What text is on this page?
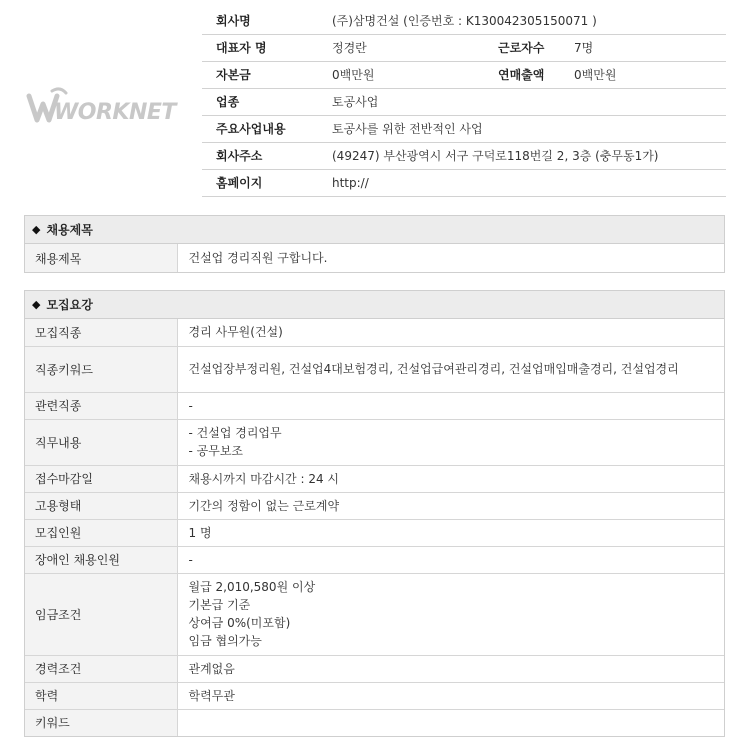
WORKNET
회사명	(주)삼명건설 (인증번호 : K130042305150071 )		
대표자 명	정경란	근로자수	7명
자본금	0백만원	연매출액	0백만원
업종	토공사업		
주요사업내용	토공사를 위한 전반적인 사업		
회사주소	(49247) 부산광역시 서구 구덕로118번길 2, 3층 (충무동1가)		
홈페이지	http://		
◆ 채용제목
채용제목	건설업 경리직원 구합니다.
◆ 모집요강
모집직종	경리 사무원(건설)

직종키워드	건설업장부정리원, 건설업4대보험경리, 건설업급여관리경리, 건설업매입매출경리, 건설업경리

관련직종	-

직무내용	- 건설업 경리업무
- 공무보조

접수마감일	채용시까지 마감시간 : 24 시

고용형태	기간의 정함이 없는 근로계약

모집인원	1 명

장애인 채용인원	-

임금조건	월급 2,010,580원 이상
기본급 기준
상여금 0%(미포함)
임금 협의가능

경력조건	관계없음

학력	학력무관

키워드	
